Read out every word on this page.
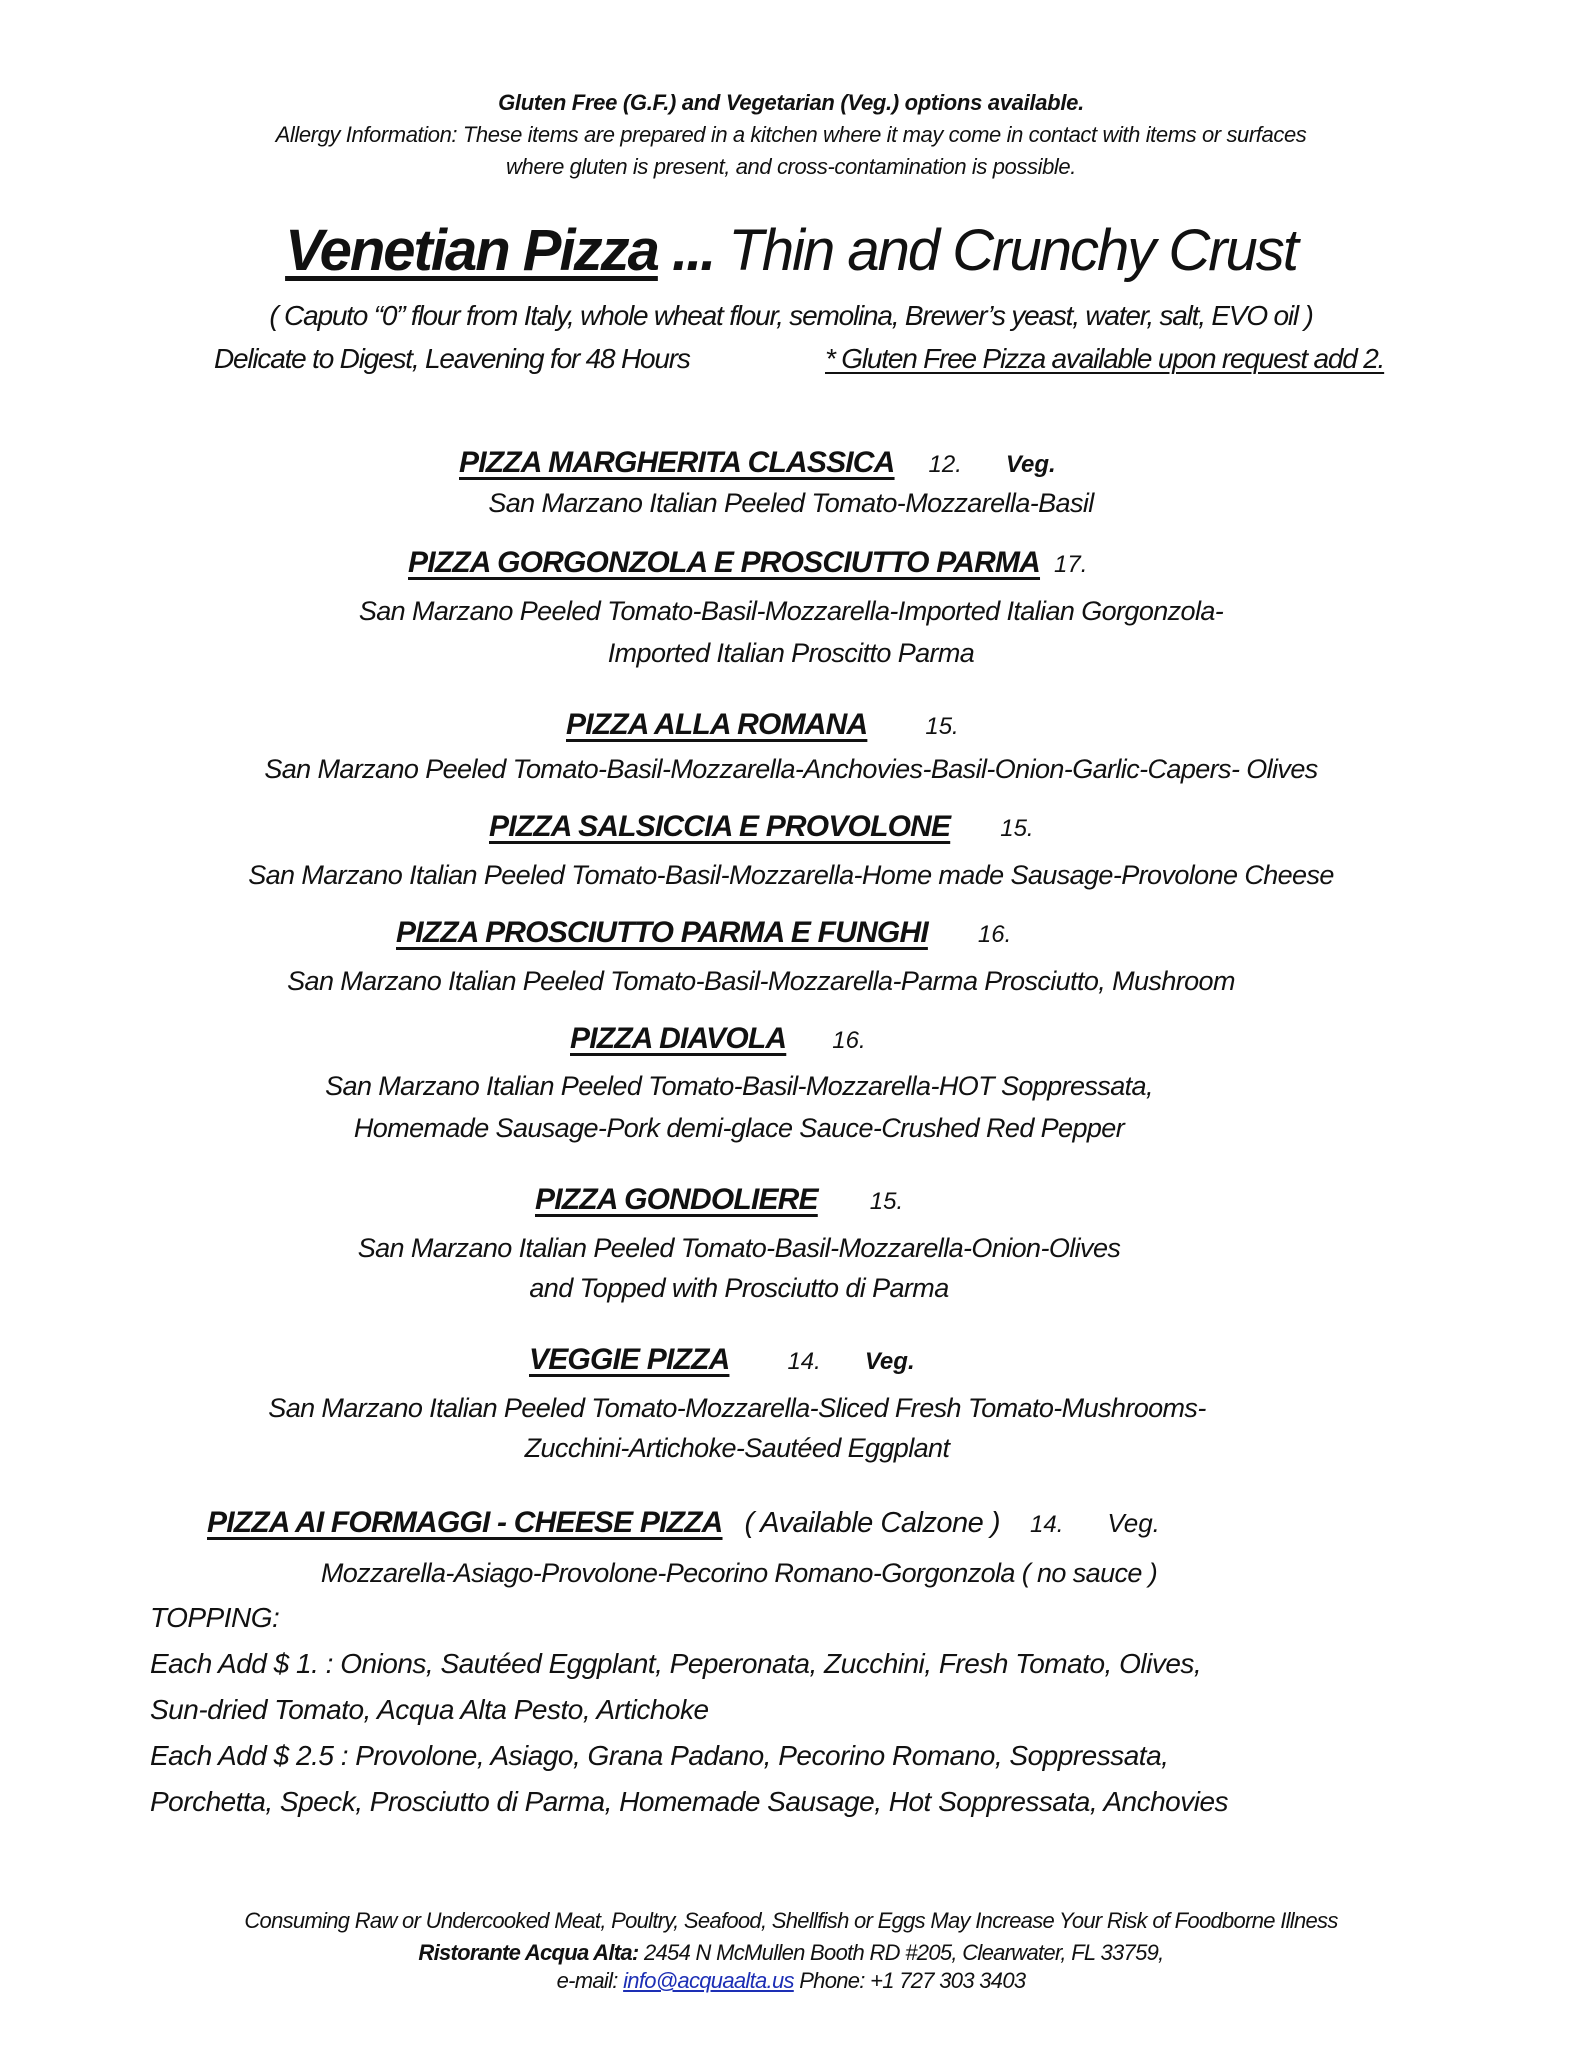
Gluten Free (G.F.) and Vegetarian (Veg.) options available.
Allergy Information: These items are prepared in a kitchen where it may come in contact with items or surfaces
where gluten is present, and cross-contamination is possible.
Venetian Pizza ... Thin and Crunchy Crust
( Caputo “0” flour from Italy, whole wheat flour, semolina, Brewer’s yeast, water, salt, EVO oil )
Delicate to Digest, Leavening for 48 Hours	* Gluten Free Pizza available upon request add 2.
PIZZA MARGHERITA CLASSICA 12. Veg.
San Marzano Italian Peeled Tomato-Mozzarella-Basil
PIZZA GORGONZOLA E PROSCIUTTO PARMA 17.
San Marzano Peeled Tomato-Basil-Mozzarella-Imported Italian Gorgonzola-
Imported Italian Proscitto Parma
PIZZA ALLA ROMANA 15.
San Marzano Peeled Tomato-Basil-Mozzarella-Anchovies-Basil-Onion-Garlic-Capers- Olives
PIZZA SALSICCIA E PROVOLONE 15.
San Marzano Italian Peeled Tomato-Basil-Mozzarella-Home made Sausage-Provolone Cheese
PIZZA PROSCIUTTO PARMA E FUNGHI 16.
San Marzano Italian Peeled Tomato-Basil-Mozzarella-Parma Prosciutto, Mushroom
PIZZA DIAVOLA 16.
San Marzano Italian Peeled Tomato-Basil-Mozzarella-HOT Soppressata,
Homemade Sausage-Pork demi-glace Sauce-Crushed Red Pepper
PIZZA GONDOLIERE 15.
San Marzano Italian Peeled Tomato-Basil-Mozzarella-Onion-Olives
and Topped with Prosciutto di Parma
VEGGIE PIZZA 14. Veg.
San Marzano Italian Peeled Tomato-Mozzarella-Sliced Fresh Tomato-Mushrooms-
Zucchini-Artichoke-Sautéed Eggplant
PIZZA AI FORMAGGI - CHEESE PIZZA ( Available Calzone ) 14. Veg.
Mozzarella-Asiago-Provolone-Pecorino Romano-Gorgonzola ( no sauce )
TOPPING:
Each Add $ 1. : Onions, Sautéed Eggplant, Peperonata, Zucchini, Fresh Tomato, Olives,
Sun-dried Tomato, Acqua Alta Pesto, Artichoke
Each Add $ 2.5 : Provolone, Asiago, Grana Padano, Pecorino Romano, Soppressata,
Porchetta, Speck, Prosciutto di Parma, Homemade Sausage, Hot Soppressata, Anchovies
Consuming Raw or Undercooked Meat, Poultry, Seafood, Shellfish or Eggs May Increase Your Risk of Foodborne Illness
Ristorante Acqua Alta: 2454 N McMullen Booth RD #205, Clearwater, FL 33759,
e-mail: info@acquaalta.us Phone: +1 727 303 3403
